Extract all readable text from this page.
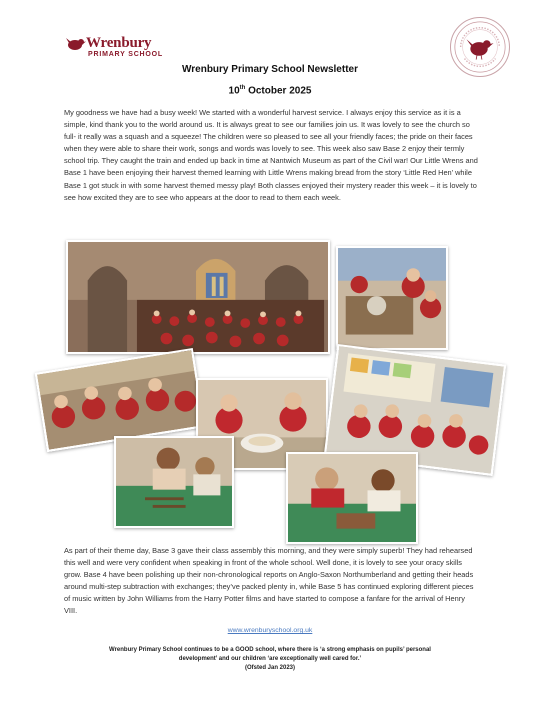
Wrenbury
PRIMARY SCHOOL
Wrenbury Primary School Newsletter
10th October 2025

My goodness we have had a busy week! We started with a wonderful harvest service. I always enjoy this service as it is a simple, kind thank you to the world around us. It is always great to see our families join us. It was lovely to see the church so full- it really was a squash and a squeeze! The children were so pleased to see all your friendly faces; the pride on their faces when they were able to share their work, songs and words was lovely to see. This week also saw Base 2 enjoy their termly school trip. They caught the train and ended up back in time at Nantwich Museum as part of the Civil war! Our Little Wrens and Base 1 have been enjoying their harvest themed learning with Little Wrens making bread from the story ‘Little Red Hen’ while Base 1 got stuck in with some harvest themed messy play! Both classes enjoyed their mystery reader this week – it is lovely to see how excited they are to see who appears at the door to read to them each week.

As part of their theme day, Base 3 gave their class assembly this morning, and they were simply superb! They had rehearsed this well and were very confident when speaking in front of the whole school. Well done, it is lovely to see your oracy skills grow. Base 4 have been polishing up their non-chronological reports on Anglo-Saxon Northumberland and getting their heads around multi-step subtraction with exchanges; they’ve packed plenty in, while Base 5 has continued exploring different pieces of music written by John Williams from the Harry Potter films and have started to compose a fanfare for the arrival of Henry VIII.

www.wrenburyschool.org.uk
Wrenbury Primary School continues to be a GOOD school, where there is ‘a strong emphasis on pupils’ personal
development’ and our children ‘are exceptionally well cared for.’
(Ofsted Jan 2023)
